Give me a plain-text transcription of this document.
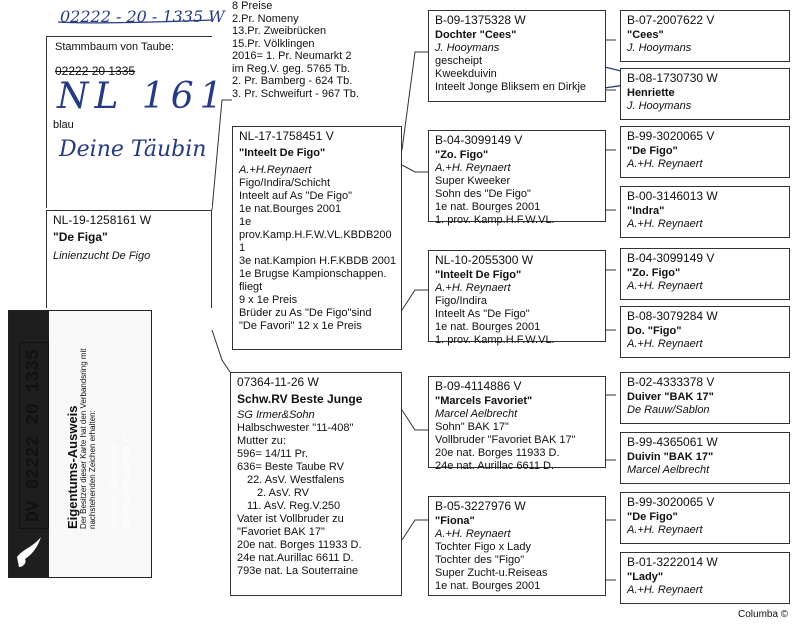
02222 - 20 - 1335 W
Stammbaum von Taube:
02222 20 1335
NL 161
blau
Deine Täubin
NL-19-1258161 W
"De Figa"
Linienzucht De Figo
8 Preise
2.Pr. Nomeny
13.Pr. Zweibrücken
15.Pr. Völklingen
2016= 1. Pr. Neumarkt 2
im Reg.V. geg. 5765 Tb.
2. Pr. Bamberg - 624 Tb.
3. Pr. Schweifurt - 967 Tb.
NL-17-1758451 V
"Inteelt De Figo"
A.+H.Reynaert
Figo/Indira/Schicht
Inteelt auf As "De Figo"
1e nat.Bourges 2001
1e
prov.Kamp.H.F.W.VL.KBDB200
1
3e nat.Kampion H.F.KBDB 2001
1e Brugse Kampionschappen.
fliegt
9 x 1e Preis
Brüder zu As "De Figo"sind
"De Favori" 12 x 1e Preis
07364-11-26 W
Schw.RV Beste Junge
SG Irmer&Sohn
Halbschwester "11-408"
Mutter zu:
596= 14/11 Pr.
636= Beste Taube RV
22. AsV. Westfalens
2. AsV. RV
11. AsV. Reg.V.250
Vater ist Vollbruder zu
"Favoriet BAK 17"
20e nat. Borges 11933 D.
24e nat.Aurillac 6611 D.
793e nat. La Souterraine
B-09-1375328 W
Dochter "Cees"
J. Hooymans
gescheipt
Kweekduivin
Inteelt Jonge Bliksem en Dirkje
B-04-3099149 V
"Zo. Figo"
A.+H. Reynaert
Super Kweeker
Sohn des "De Figo"
1e nat. Bourges 2001
1. prov. Kamp.H.F.W.VL.
NL-10-2055300 W
"Inteelt De Figo"
A.+H. Reynaert
Figo/Indira
Inteelt As "De Figo"
1e nat. Bourges 2001
1. prov. Kamp.H.F.W.VL.
B-09-4114886 V
"Marcels Favoriet"
Marcel Aelbrecht
Sohn" BAK 17"
Vollbruder "Favoriet BAK 17"
20e nat. Borges 11933 D.
24e nat. Aurillac 6611 D.
B-05-3227976 W
"Fiona"
A.+H. Reynaert
Tochter Figo x Lady
Tochter des "Figo"
Super Zucht-u.Reiseas
1e nat. Bourges 2001
B-07-2007622 V
"Cees"
J. Hooymans
B-08-1730730 W
Henriette
J. Hooymans
B-99-3020065 V
"De Figo"
A.+H. Reynaert
B-00-3146013 W
"Indra"
A.+H. Reynaert
B-04-3099149 V
"Zo. Figo"
A.+H. Reynaert
B-08-3079284 W
Do. "Figo"
A.+H. Reynaert
B-02-4333378 V
Duiver "BAK 17"
De Rauw/Sablon
B-99-4365061 W
Duivin "BAK 17"
Marcel Aelbrecht
B-99-3020065 V
"De Figo"
A.+H. Reynaert
B-01-3222014 W
"Lady"
A.+H. Reynaert
DV 02222 20 1335	Eigentums-Ausweis Der Besitzer dieser Karte hat den Verbandsring mit nachstehenden Zeichen erhalten: Verband Deutscher Brieftaubenzüchter e.V.
Columba ©
